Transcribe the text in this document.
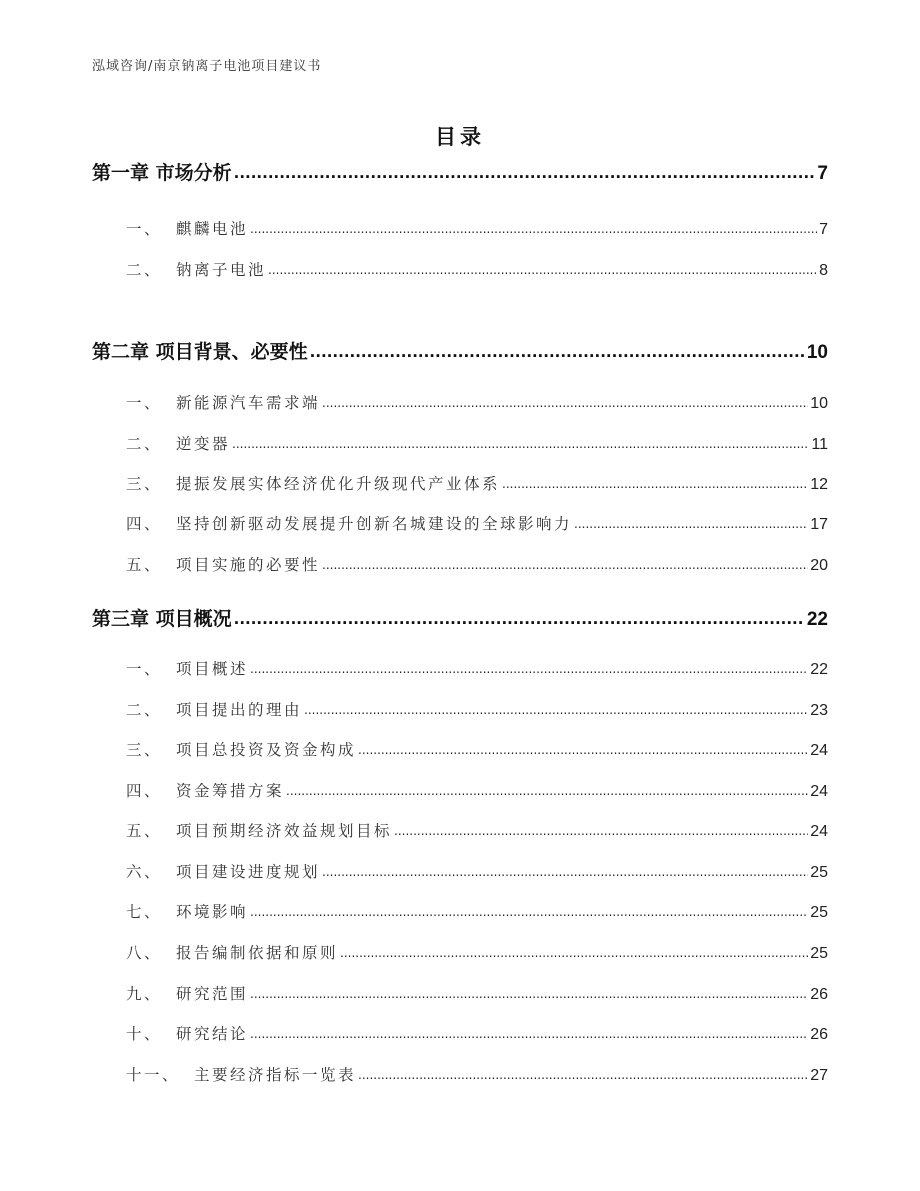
泓域咨询/南京钠离子电池项目建议书
目录
第一章 市场分析 .....	7
一、 麒麟电池 .....	7
二、 钠离子电池 .....	8
第二章 项目背景、必要性 .....	10
一、 新能源汽车需求端 .....	10
二、 逆变器 .....	11
三、 提振发展实体经济优化升级现代产业体系 .....	12
四、 坚持创新驱动发展提升创新名城建设的全球影响力 .....	17
五、 项目实施的必要性 .....	20
第三章 项目概况 .....	22
一、 项目概述 .....	22
二、 项目提出的理由 .....	23
三、 项目总投资及资金构成 .....	24
四、 资金筹措方案 .....	24
五、 项目预期经济效益规划目标 .....	24
六、 项目建设进度规划 .....	25
七、 环境影响 .....	25
八、 报告编制依据和原则 .....	25
九、 研究范围 .....	26
十、 研究结论 .....	26
十一、 主要经济指标一览表 .....	27
